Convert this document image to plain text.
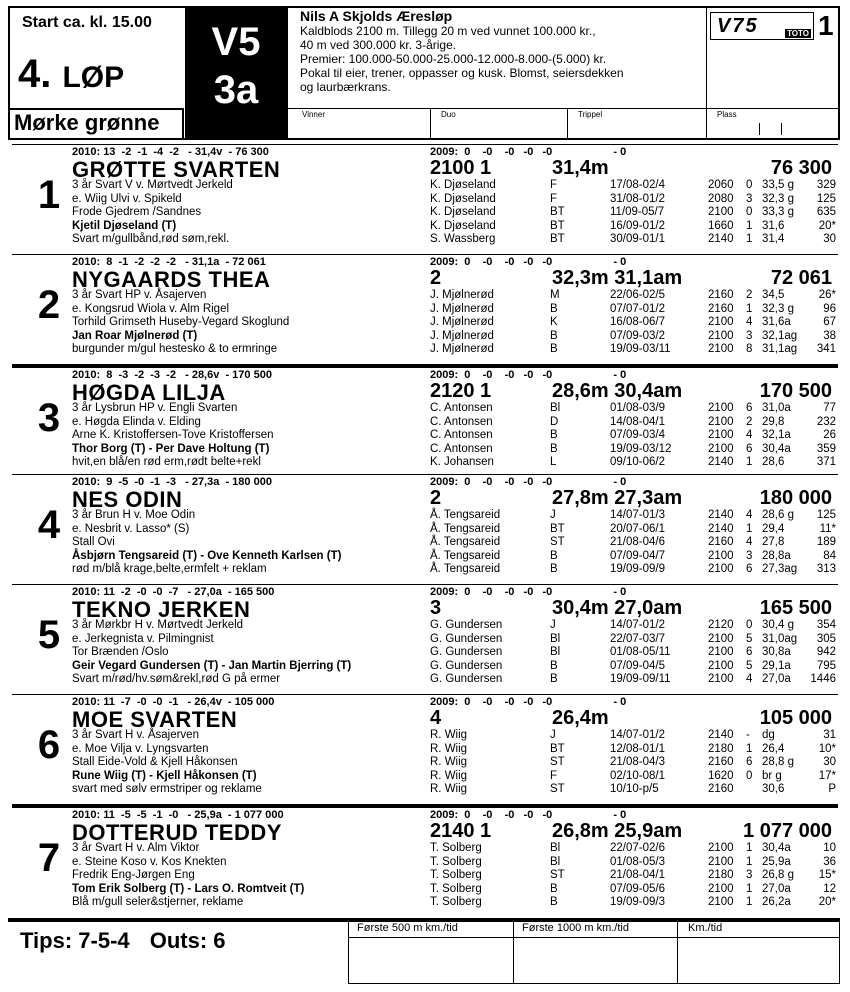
Start ca. kl. 15.00
4. LØP
Mørke grønne
V5
3a
Nils A Skjolds Æresløp
Kaldblods 2100 m. Tillegg 20 m ved vunnet 100.000 kr.,
40 m ved 300.000 kr. 3-årige.
Premier: 100.000-50.000-25.000-12.000-8.000-(5.000) kr.
Pokal til eier, trener, oppasser og kusk. Blomst, seiersdekken
og laurbærkrans.
V75	TOTO 1
Vinner	Duo	Trippel	Plass
2010: 13  -2  -1  -4  -2   - 31,4v  - 76 300	2009:  0    -0    -0   -0   -0                    - 0
GRØTTE SVARTEN	2100 1	31,4m	76 300
1	3 år Svart V v. Mørtvedt Jerkeld
e. Wiig Ulvi v. Spikeld
Frode Gjedrem /Sandnes
Kjetil Djøseland (T)
Svart m/gullbånd,rød søm,rekl.
K. Djøseland	F	17/08-02/4	2060 0 33,5 g 329
K. Djøseland	F	31/08-01/2	2080 3 32,3 g 125
K. Djøseland	BT	11/09-05/7	2100 0 33,3 g 635
K. Djøseland	BT	16/09-01/2	1660 1 31,6	20*
S. Wassberg	BT	30/09-01/1	2140 1 31,4	30
2010:  8  -1  -2  -2  -2   - 31,1a  - 72 061	2009:  0    -0    -0   -0   -0                    - 0
NYGAARDS THEA	2	32,3m 31,1am	72 061
2	3 år Svart HP v. Åsajerven
e. Kongsrud Wiola v. Alm Rigel
Torhild Grimseth Huseby-Vegard Skoglund
Jan Roar Mjølnerød (T)
burgunder m/gul hestesko & to ermringe
J. Mjølnerød	M	22/06-02/5	2160 2 34,5	26*
J. Mjølnerød	B	07/07-01/2	2160 1 32,3 g	96
J. Mjølnerød	K	16/08-06/7	2100 4 31,6a	67
J. Mjølnerød	B	07/09-03/2	2100 3 32,1ag 38
J. Mjølnerød	B	19/09-03/11	2100 8 31,1ag 341
2010:  8  -3  -2  -3  -2   - 28,6v  - 170 500	2009:  0    -0    -0   -0   -0                    - 0
HØGDA LILJA	2120 1	28,6m 30,4am	170 500
3	3 år Lysbrun HP v. Engli Svarten
e. Høgda Elinda v. Elding
Arne K. Kristoffersen-Tove Kristoffersen
Thor Borg (T) - Per Dave Holtung (T)
hvit,en blå/en rød erm,rødt belte+rekl
C. Antonsen	Bl	01/08-03/9	2100 6 31,0a	77
C. Antonsen	D	14/08-04/1	2100 2 29,8	232
C. Antonsen	B	07/09-03/4	2100 4 32,1a	26
C. Antonsen	B	19/09-03/12	2100 6 30,4a 359
K. Johansen	L	09/10-06/2	2140 1 28,6	371
2010:  9  -5  -0  -1  -3   - 27,3a  - 180 000	2009:  0    -0    -0   -0   -0                    - 0
NES ODIN	2	27,8m 27,3am	180 000
4	3 år Brun H v. Moe Odin
e. Nesbrit v. Lasso* (S)
Stall Ovi
Åsbjørn Tengsareid (T) - Ove Kenneth Karlsen (T)
rød m/blå krage,belte,ermfelt + reklam
Å. Tengsareid	J	14/07-01/3	2140 4 28,6 g 125
Å. Tengsareid	BT	20/07-06/1	2140 1 29,4	11*
Å. Tengsareid	ST	21/08-04/6	2160 4 27,8	189
Å. Tengsareid	B	07/09-04/7	2100 3 28,8a	84
Å. Tengsareid	B	19/09-09/9	2100 6 27,3ag 313
2010: 11  -2  -0  -0  -7   - 27,0a  - 165 500	2009:  0    -0    -0   -0   -0                    - 0
TEKNO JERKEN	3	30,4m 27,0am	165 500
5	3 år Mørkbr H v. Mørtvedt Jerkeld
e. Jerkegnista v. Pilmingnist
Tor Brænden /Oslo
Geir Vegard Gundersen (T) - Jan Martin Bjerring (T)
Svart m/rød/hv.søm&rekl,rød G på ermer
G. Gundersen	J	14/07-01/2	2120 0 30,4 g 354
G. Gundersen	Bl	22/07-03/7	2100 5 31,0ag 305
G. Gundersen	Bl	01/08-05/11	2100 6 30,8a 942
G. Gundersen	B	07/09-04/5	2100 5 29,1a 795
G. Gundersen	B	19/09-09/11	2100 4 27,0a 1446
2010: 11  -7  -0  -0  -1   - 26,4v  - 105 000	2009:  0    -0    -0   -0   -0                    - 0
MOE SVARTEN	4	26,4m	105 000
6	3 år Svart H v. Åsajerven
e. Moe Vilja v. Lyngsvarten
Stall Eide-Vold & Kjell Håkonsen
Rune Wiig (T) - Kjell Håkonsen (T)
svart med sølv ermstriper og reklame
R. Wiig	J	14/07-01/2	2140 - dg	31
R. Wiig	BT	12/08-01/1	2180 1 26,4	10*
R. Wiig	ST	21/08-04/3	2160 6 28,8 g	30
R. Wiig	F	02/10-08/1	1620 0 br g	17*
R. Wiig	ST	10/10-p/5	2160 30,6	P
2010: 11  -5  -5  -1  -0   - 25,9a  - 1 077 000	2009:  0    -0    -0   -0   -0                    - 0
DOTTERUD TEDDY	2140 1	26,8m 25,9am	1 077 000
7	3 år Svart H v. Alm Viktor
e. Steine Koso v. Kos Knekten
Fredrik Eng-Jørgen Eng
Tom Erik Solberg (T) - Lars O. Romtveit (T)
Blå m/gull seler&stjerner, reklame
T. Solberg	Bl	22/07-02/6	2100 1 30,4a	10
T. Solberg	Bl	01/08-05/3	2100 1 25,9a	36
T. Solberg	ST	21/08-04/1	2180 3 26,8 g 15*
T. Solberg	B	07/09-05/6	2100 1 27,0a	12
T. Solberg	B	19/09-09/3	2100 1 26,2a 20*
Tips: 7-5-4 Outs: 6	Første 500 m km./tid	Første 1000 m km./tid	Km./tid
